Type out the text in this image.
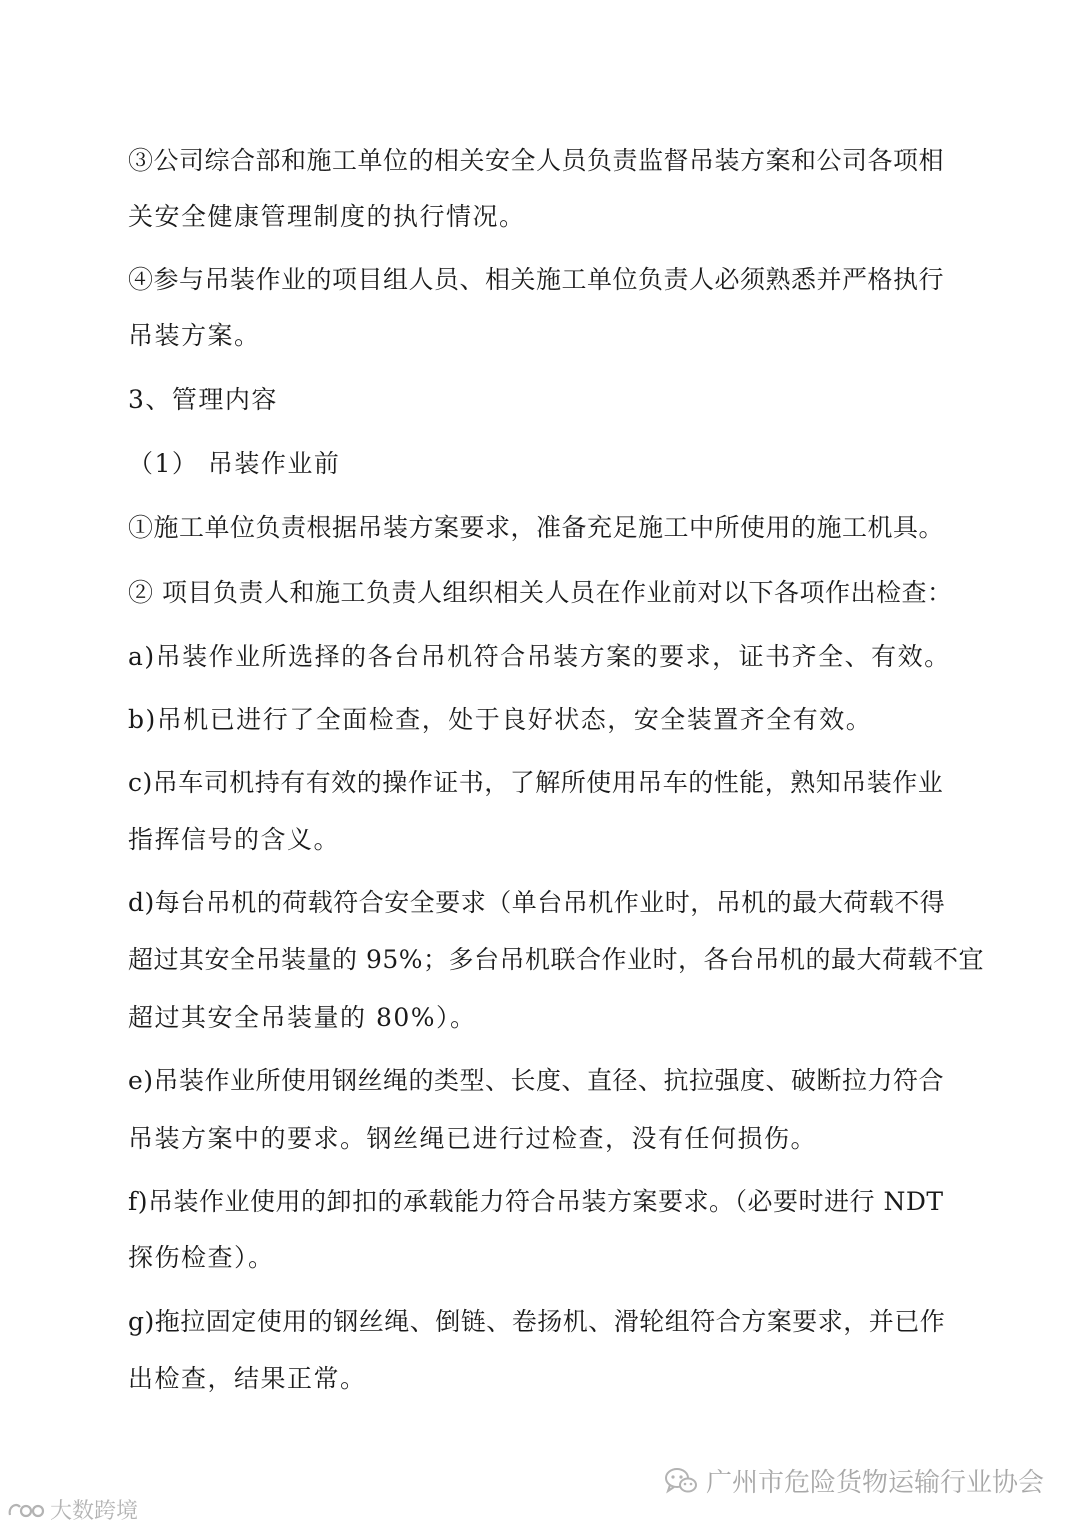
③公司综合部和施工单位的相关安全人员负责监督吊装方案和公司各项相
关安全健康管理制度的执行情况。
④参与吊装作业的项目组人员、相关施工单位负责人必须熟悉并严格执行
吊装方案。
3、管理内容
（1） 吊装作业前
①施工单位负责根据吊装方案要求，准备充足施工中所使用的施工机具。
② 项目负责人和施工负责人组织相关人员在作业前对以下各项作出检查：
a)吊装作业所选择的各台吊机符合吊装方案的要求，证书齐全、有效。
b)吊机已进行了全面检查，处于良好状态，安全装置齐全有效。
c)吊车司机持有有效的操作证书，了解所使用吊车的性能，熟知吊装作业
指挥信号的含义。
d)每台吊机的荷载符合安全要求（单台吊机作业时，吊机的最大荷载不得
超过其安全吊装量的 95%；多台吊机联合作业时，各台吊机的最大荷载不宜
超过其安全吊装量的 80%）。
e)吊装作业所使用钢丝绳的类型、长度、直径、抗拉强度、破断拉力符合
吊装方案中的要求。钢丝绳已进行过检查，没有任何损伤。
f)吊装作业使用的卸扣的承载能力符合吊装方案要求。（必要时进行 NDT
探伤检查）。
g)拖拉固定使用的钢丝绳、倒链、卷扬机、滑轮组符合方案要求，并已作
出检查，结果正常。
广州市危险货物运输行业协会
大数跨境
